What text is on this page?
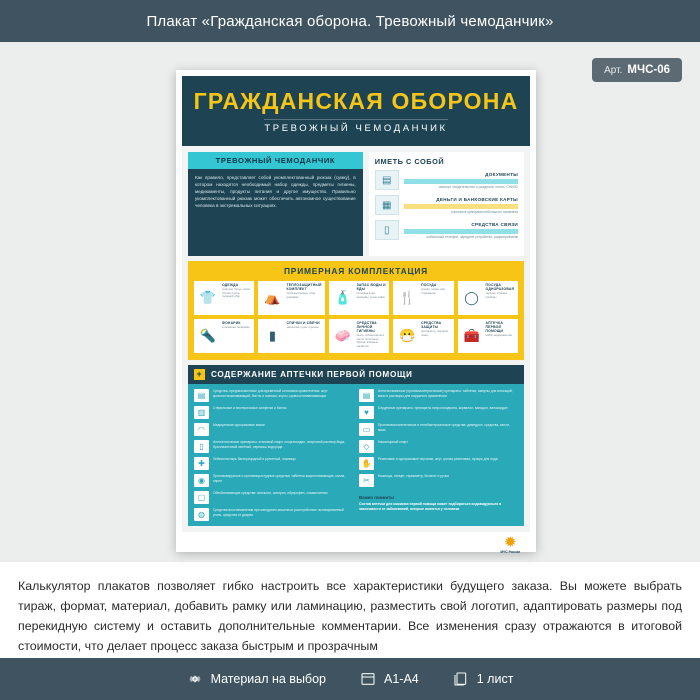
Плакат «Гражданская оборона. Тревожный чемоданчик»
Арт. МЧС-06
ГРАЖДАНСКАЯ ОБОРОНА
ТРЕВОЖНЫЙ ЧЕМОДАНЧИК
ТРЕВОЖНЫЙ ЧЕМОДАНЧИК

Как правило, представляет собой укомплектованный рюкзак (сумку), в котором находятся необходимый набор одежды, предметы гигиены, медикаменты, продукты питания и другое имущество. Правильно укомплектованный рюкзак может обеспечить автономное существование человека в экстремальных ситуациях.

ИМЕТЬ С СОБОЙ
▤
ДОКУМЕНТЫ
паспорт, свидетельство о рождении, полис, СНИЛС
▦
ДЕНЬГИ И БАНКОВСКИЕ КАРТЫ
наличные купюрами небольшого номинала
▯
СРЕДСТВА СВЯЗИ
мобильный телефон, зарядное устройство, радиоприёмник
ПРИМЕРНАЯ КОМПЛЕКТАЦИЯ
👕
ОДЕЖДА
комплект белья, носки, тёплая куртка, головной убор	⛺
ТЕПЛОЗАЩИТНЫЙ КОМПЛЕКТ
спальный мешок, плед, дождевик	🧴
ЗАПАС ВОДЫ И ЕДЫ
питьевая вода, консервы, сухие пайки 🍴
ПОСУДА
кружка, ложка, нож, открывалка	◯
ПОСУДА ОДНОРАЗОВАЯ
тарелки, стаканы, приборы
🔦
ФОНАРИК
и запасные батарейки
▮
СПИЧКИ И СВЕЧИ
зажигалка, сухое горючее
🧼
СРЕДСТВА ЛИЧНОЙ ГИГИЕНЫ
мыло, зубная щётка и паста, полотенце, бритва, влажные салфетки
😷
СРЕДСТВА ЗАЩИТЫ
респиратор, перчатки, плащ	🧰
АПТЕЧКА ПЕРВОЙ ПОМОЩИ
набор медикаментов
+	СОДЕРЖАНИЕ АПТЕЧКИ ПЕРВОЙ ПОМОЩИ
▤	Средства, предназначенные для временной остановки кровотечения: жгут кровоостанавливающий, бинты и повязки, жгуты, кровоостанавливающие
▥	Стерильные и нестерильные салфетки и бинты
◠	Медицинские одноразовые маски
▯	Антисептические препараты: этиловый спирт, хлоргексидин, спиртовой раствор йода, бриллиантовый зелёный, перекись водорода
✚	Лейкопластырь бактерицидный и рулонный, ножницы
◉	Противовирусные и противопростудные средства: таблетки жаропонижающие, капли, спреи
▢	Обезболивающие средства: анальгин, аспирин, ибупрофен, спазмолитики
◍	Средства восстановления при желудочно-кишечных расстройствах: активированный уголь, средства от диареи
▤	Антигистаминные (противоаллергические) препараты: таблетки, ампулы для инъекций, мази и растворы для наружного применения
♥	Сердечные препараты: препараты нитроглицерина, корвалол, валидол, валокордин
▭	Противовоспалительные и антибактериальные средства: димедрол, средства, капли, мази
◇	Нашатырный спирт
✋	Резиновые и одноразовые перчатки, жгут, грелка резиновая, пузырь для льда
✂	Ножницы, пинцет, термометр, блокнот и ручка
Важно помнить!
Состав аптечки для оказания первой помощи может подбираться индивидуально в зависимости от заболеваний, которые имеются у человека
✹
МЧС России
Калькулятор плакатов позволяет гибко настроить все характеристики будущего заказа. Вы можете выбрать тираж, формат, материал, добавить рамку или ламинацию, разместить свой логотип, адаптировать размеры под перекидную систему и оставить дополнительные комментарии. Все изменения сразу отражаются в итоговой стоимости, что делает процесс заказа быстрым и прозрачным
Материал на выбор	А1-А4	1 лист
